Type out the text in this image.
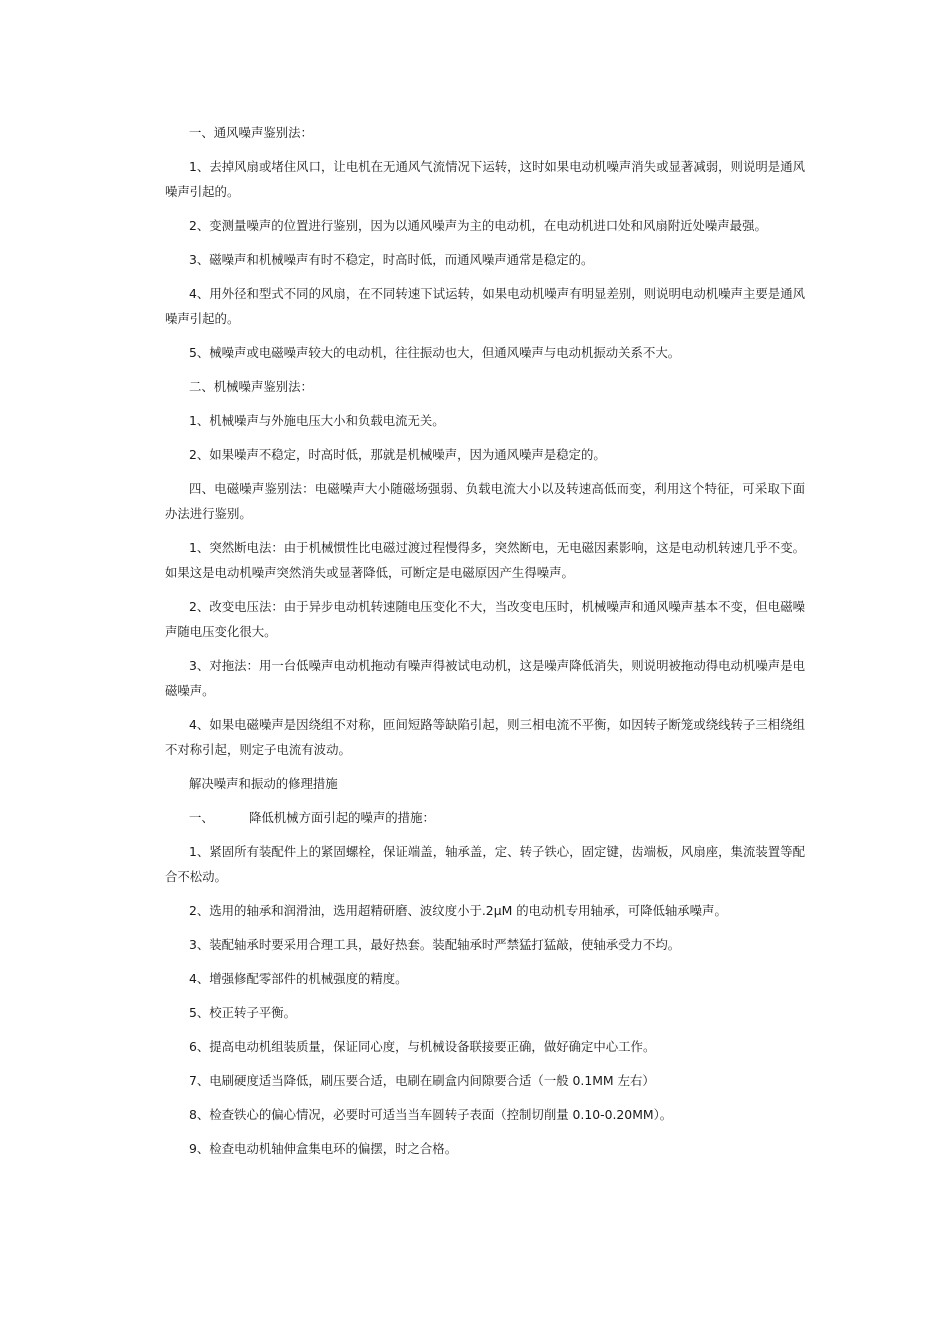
一、通风噪声鉴别法：

1、去掉风扇或堵住风口，让电机在无通风气流情况下运转，这时如果电动机噪声消失或显著减弱，则说明是通风噪声引起的。

2、变测量噪声的位置进行鉴别，因为以通风噪声为主的电动机，在电动机进口处和风扇附近处噪声最强。

3、磁噪声和机械噪声有时不稳定，时高时低，而通风噪声通常是稳定的。

4、用外径和型式不同的风扇，在不同转速下试运转，如果电动机噪声有明显差别，则说明电动机噪声主要是通风噪声引起的。

5、械噪声或电磁噪声较大的电动机，往往振动也大，但通风噪声与电动机振动关系不大。

二、机械噪声鉴别法：

1、机械噪声与外施电压大小和负载电流无关。

2、如果噪声不稳定，时高时低，那就是机械噪声，因为通风噪声是稳定的。

四、电磁噪声鉴别法：电磁噪声大小随磁场强弱、负载电流大小以及转速高低而变，利用这个特征，可采取下面办法进行鉴别。

1、突然断电法：由于机械惯性比电磁过渡过程慢得多，突然断电，无电磁因素影响，这是电动机转速几乎不变。如果这是电动机噪声突然消失或显著降低，可断定是电磁原因产生得噪声。

2、改变电压法：由于异步电动机转速随电压变化不大，当改变电压时，机械噪声和通风噪声基本不变，但电磁噪声随电压变化很大。

3、对拖法：用一台低噪声电动机拖动有噪声得被试电动机，这是噪声降低消失，则说明被拖动得电动机噪声是电磁噪声。

4、如果电磁噪声是因绕组不对称，匝间短路等缺陷引起，则三相电流不平衡，如因转子断笼或绕线转子三相绕组不对称引起，则定子电流有波动。

解决噪声和振动的修理措施

一、	降低机械方面引起的噪声的措施：

1、紧固所有装配件上的紧固螺栓，保证端盖，轴承盖，定、转子铁心，固定键，齿端板，风扇座，集流装置等配合不松动。

2、选用的轴承和润滑油，选用超精研磨、波纹度小于.2μM 的电动机专用轴承，可降低轴承噪声。

3、装配轴承时要采用合理工具，最好热套。装配轴承时严禁猛打猛敲，使轴承受力不均。

4、增强修配零部件的机械强度的精度。

5、校正转子平衡。

6、提高电动机组装质量，保证同心度，与机械设备联接要正确，做好确定中心工作。

7、电刷硬度适当降低，刷压要合适，电刷在刷盒内间隙要合适（一般 0.1MM 左右）

8、检查铁心的偏心情况，必要时可适当当车圆转子表面（控制切削量 0.10-0.20MM）。

9、检查电动机轴伸盒集电环的偏摆，时之合格。
